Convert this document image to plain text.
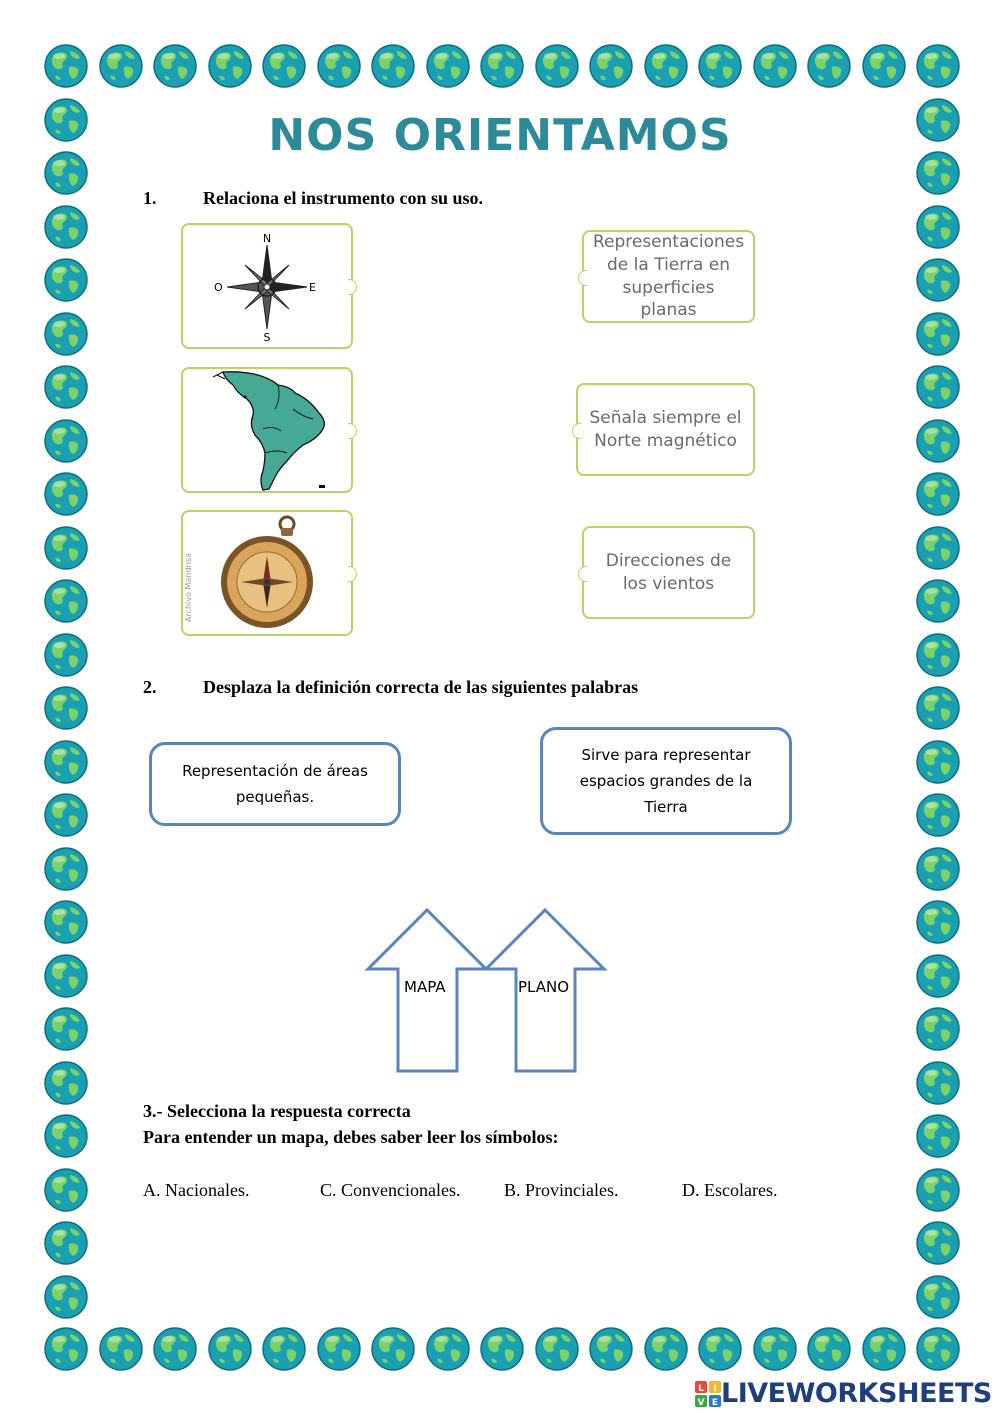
NOS ORIENTAMOS
1.	Relaciona el instrumento con su uso.
N
S
E
O
Archivo Mandrisa
Representaciones de la Tierra en superficies planas
Señala siempre el Norte magnético
Direcciones de los vientos
2.	Desplaza la definición correcta de las siguientes palabras
Representación de áreas pequeñas.
Sirve para representar espacios grandes de la Tierra
MAPA	PLANO
3.- Selecciona la respuesta correcta
Para entender un mapa, debes saber leer los símbolos:
A. Nacionales.	C. Convencionales. B. Provinciales.	D. Escolares.
L I
V E LIVEWORKSHEETS
